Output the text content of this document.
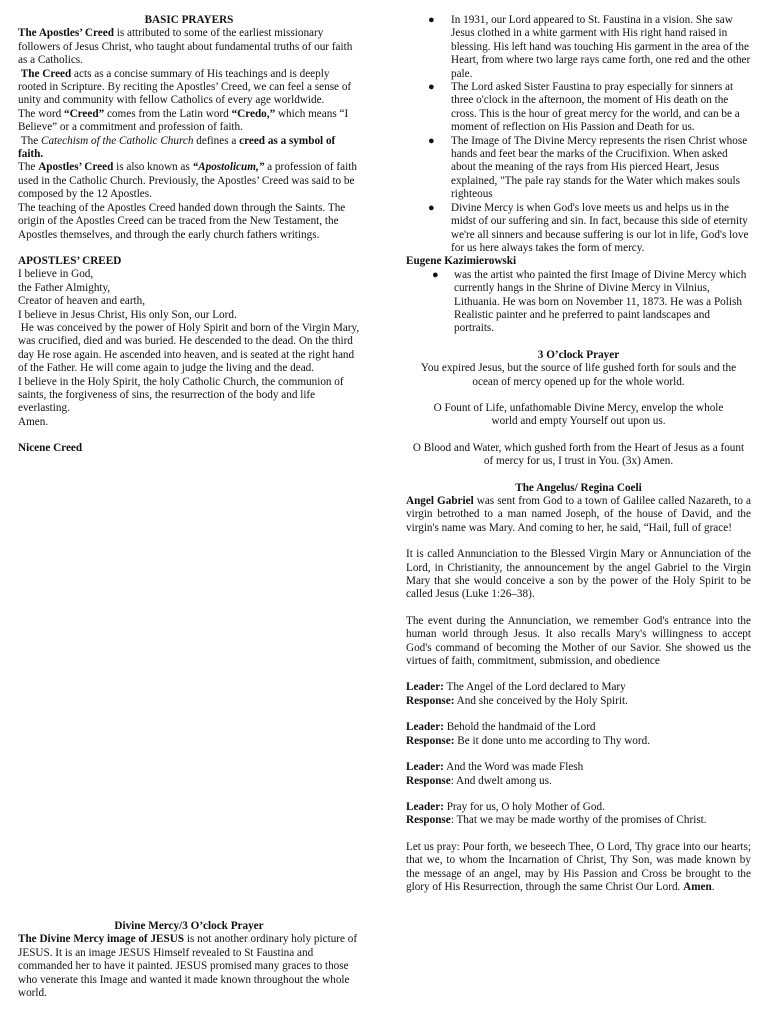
BASIC PRAYERS

The Apostles’ Creed is attributed to some of the earliest missionary followers of Jesus Christ, who taught about fundamental truths of our faith as a Catholics.

The Creed acts as a concise summary of His teachings and is deeply rooted in Scripture. By reciting the Apostles’ Creed, we can feel a sense of unity and community with fellow Catholics of every age worldwide.

The word “Creed” comes from the Latin word “Credo,” which means “I Believe” or a commitment and profession of faith.

The Catechism of the Catholic Church defines a creed as a symbol of faith.

The Apostles’ Creed is also known as “Apostolicum,” a profession of faith used in the Catholic Church. Previously, the Apostles’ Creed was said to be composed by the 12 Apostles.

The teaching of the Apostles Creed handed down through the Saints. The origin of the Apostles Creed can be traced from the New Testament, the Apostles themselves, and through the early church fathers writings.

APOSTLES’ CREED

I believe in God,

the Father Almighty,

Creator of heaven and earth,

I believe in Jesus Christ, His only Son, our Lord.

He was conceived by the power of Holy Spirit and born of the Virgin Mary, was crucified, died and was buried. He descended to the dead. On the third day He rose again. He ascended into heaven, and is seated at the right hand of the Father. He will come again to judge the living and the dead.

I believe in the Holy Spirit, the holy Catholic Church, the communion of saints, the forgiveness of sins, the resurrection of the body and life everlasting.

Amen.

Nicene Creed

Divine Mercy/3 O’clock Prayer

The Divine Mercy image of JESUS is not another ordinary holy picture of JESUS. It is an image JESUS Himself revealed to St Faustina and commanded her to have it painted. JESUS promised many graces to those who venerate this Image and wanted it made known throughout the whole world.

● In 1931, our Lord appeared to St. Faustina in a vision. She saw Jesus clothed in a white garment with His right hand raised in blessing. His left hand was touching His garment in the area of the Heart, from where two large rays came forth, one red and the other pale.
● The Lord asked Sister Faustina to pray especially for sinners at three o'clock in the afternoon, the moment of His death on the cross. This is the hour of great mercy for the world, and can be a moment of reflection on His Passion and Death for us.
● The Image of The Divine Mercy represents the risen Christ whose hands and feet bear the marks of the Crucifixion. When asked about the meaning of the rays from His pierced Heart, Jesus explained, "The pale ray stands for the Water which makes souls righteous
● Divine Mercy is when God's love meets us and helps us in the midst of our suffering and sin. In fact, because this side of eternity we're all sinners and because suffering is our lot in life, God's love for us here always takes the form of mercy.

Eugene Kazimierowski

● was the artist who painted the first Image of Divine Mercy which currently hangs in the Shrine of Divine Mercy in Vilnius, Lithuania. He was born on November 11, 1873. He was a Polish Realistic painter and he preferred to paint landscapes and portraits.

3 O’clock Prayer

You expired Jesus, but the source of life gushed forth for souls and the ocean of mercy opened up for the whole world.

O Fount of Life, unfathomable Divine Mercy, envelop the whole world and empty Yourself out upon us.

O Blood and Water, which gushed forth from the Heart of Jesus as a fount of mercy for us, I trust in You. (3x) Amen.

The Angelus/ Regina Coeli

Angel Gabriel was sent from God to a town of Galilee called Nazareth, to a virgin betrothed to a man named Joseph, of the house of David, and the virgin's name was Mary. And coming to her, he said, “Hail, full of grace!

It is called Annunciation to the Blessed Virgin Mary or Annunciation of the Lord, in Christianity, the announcement by the angel Gabriel to the Virgin Mary that she would conceive a son by the power of the Holy Spirit to be called Jesus (Luke 1:26–38).

The event during the Annunciation, we remember God's entrance into the human world through Jesus. It also recalls Mary's willingness to accept God's command of becoming the Mother of our Savior. She showed us the virtues of faith, commitment, submission, and obedience

Leader: The Angel of the Lord declared to Mary

Response: And she conceived by the Holy Spirit.

Leader: Behold the handmaid of the Lord

Response: Be it done unto me according to Thy word.

Leader: And the Word was made Flesh

Response: And dwelt among us.

Leader: Pray for us, O holy Mother of God.

Response: That we may be made worthy of the promises of Christ.

Let us pray: Pour forth, we beseech Thee, O Lord, Thy grace into our hearts; that we, to whom the Incarnation of Christ, Thy Son, was made known by the message of an angel, may by His Passion and Cross be brought to the glory of His Resurrection, through the same Christ Our Lord. Amen.
